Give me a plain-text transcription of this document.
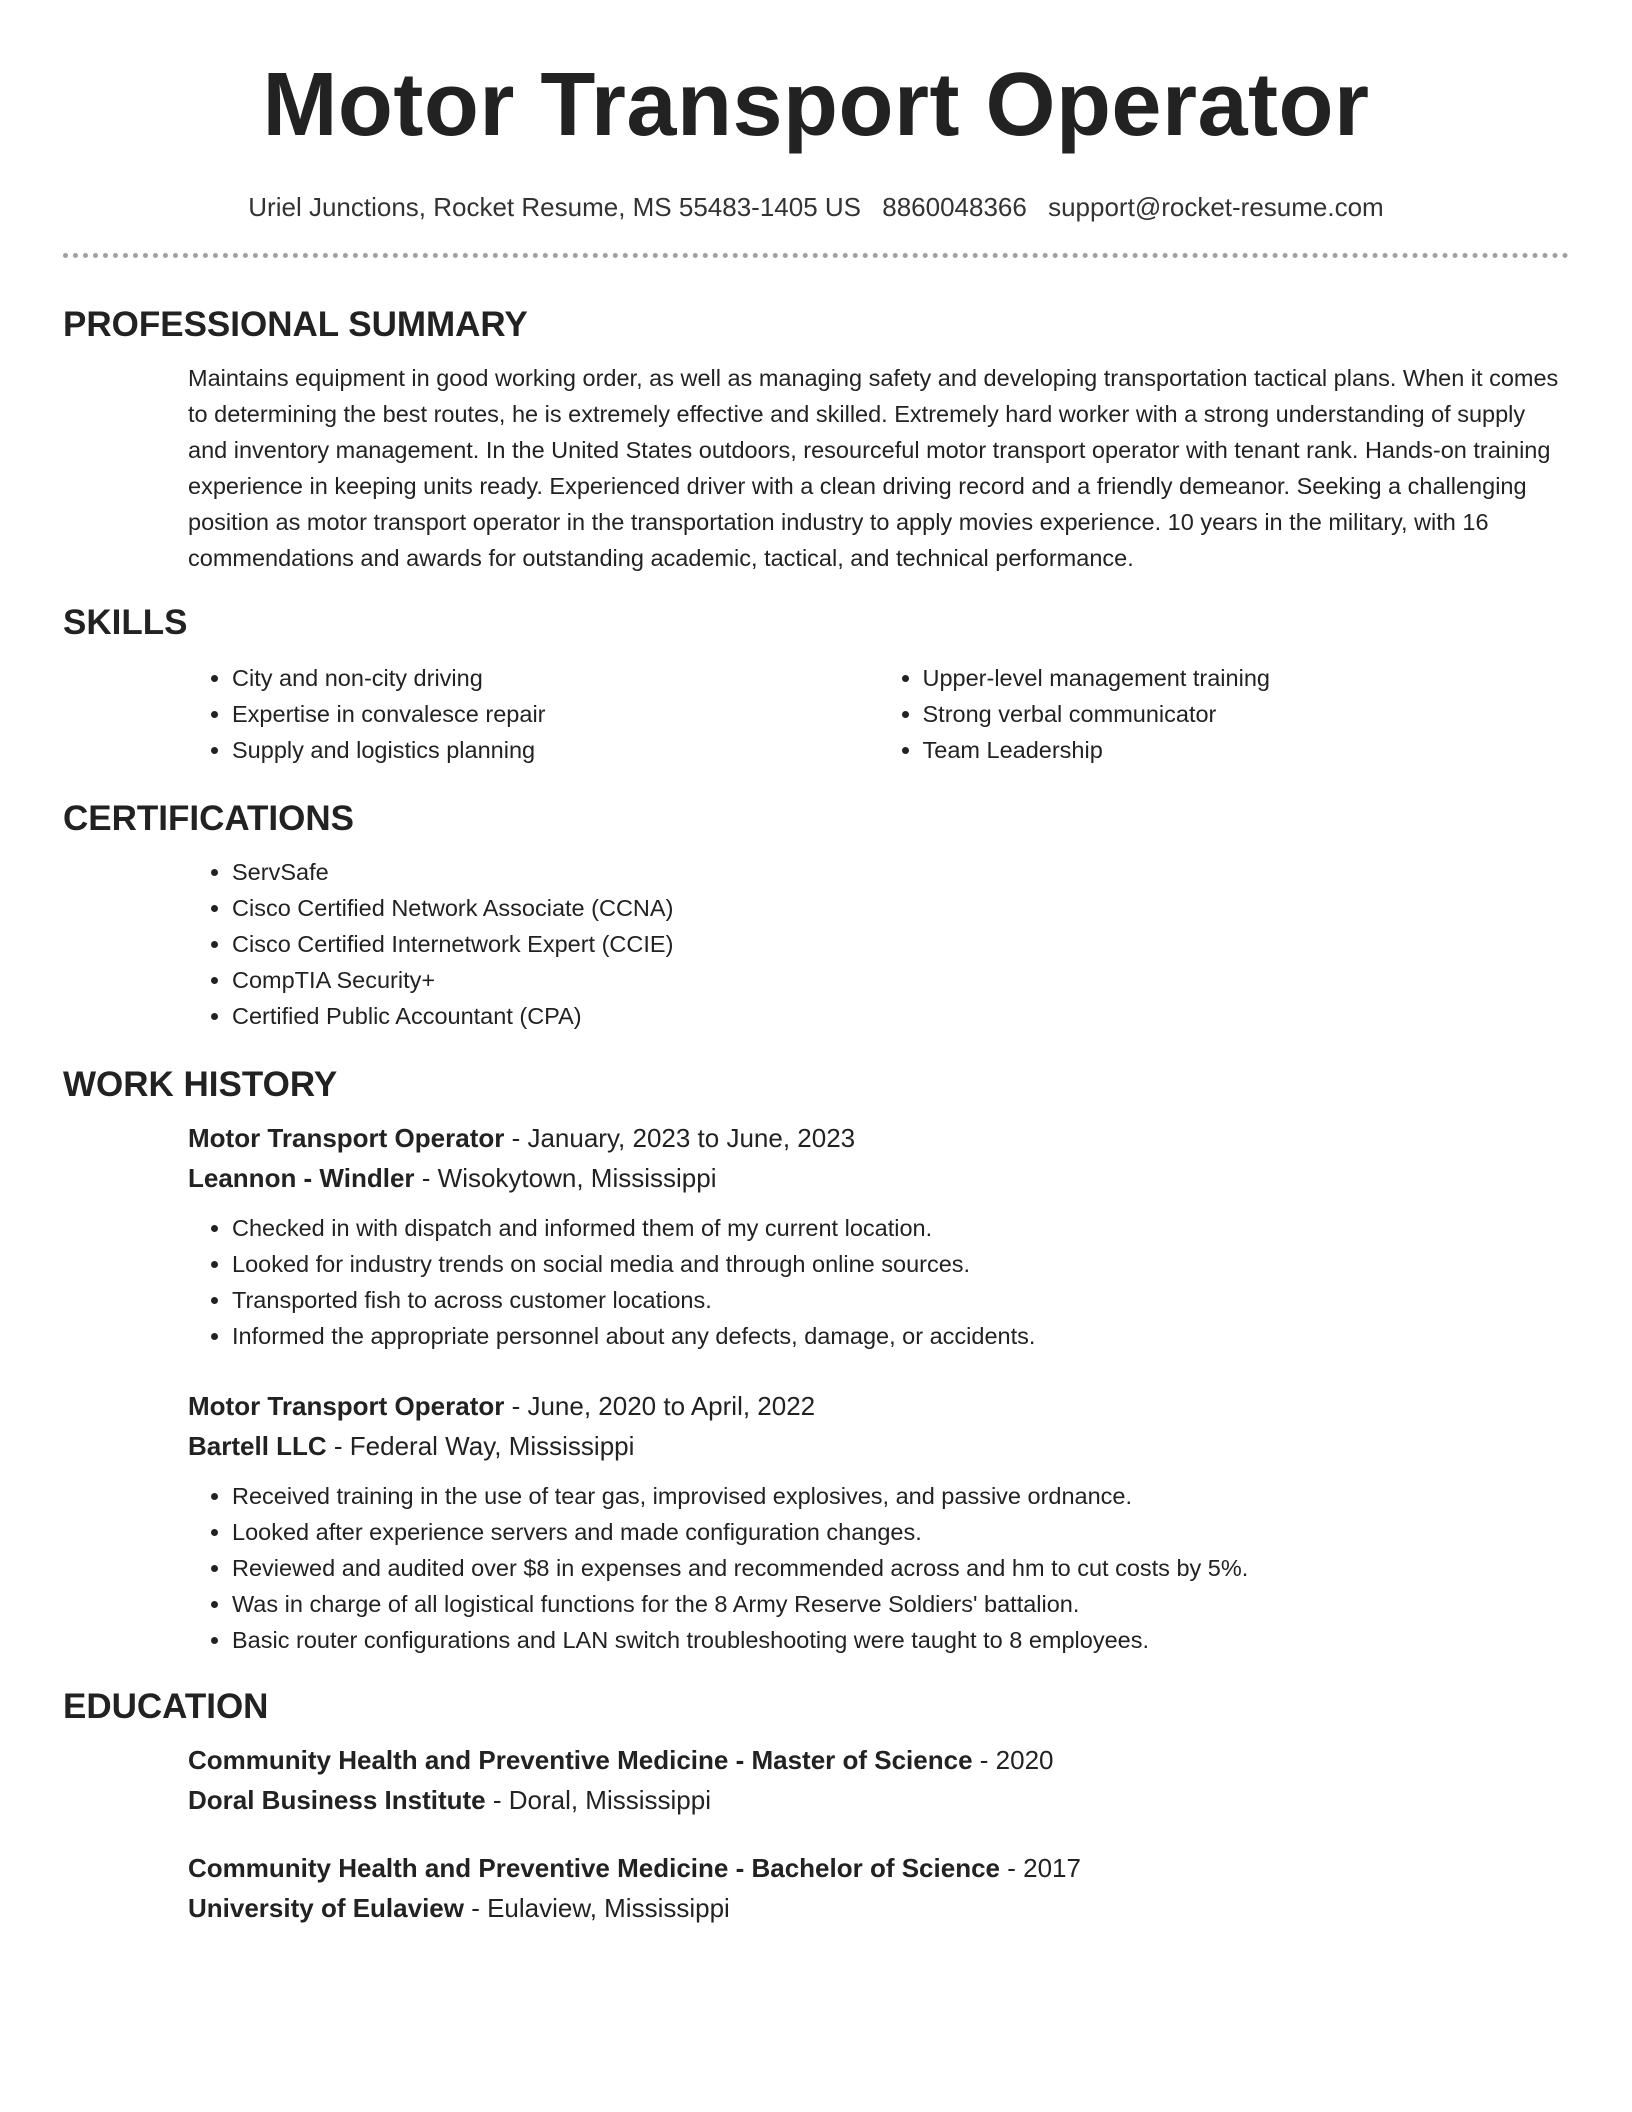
Motor Transport Operator
Uriel Junctions, Rocket Resume, MS 55483-1405 US 8860048366 support@rocket-resume.com
PROFESSIONAL SUMMARY

Maintains equipment in good working order, as well as managing safety and developing transportation tactical plans. When it comes to determining the best routes, he is extremely effective and skilled. Extremely hard worker with a strong understanding of supply and inventory management. In the United States outdoors, resourceful motor transport operator with tenant rank. Hands-on training experience in keeping units ready. Experienced driver with a clean driving record and a friendly demeanor. Seeking a challenging position as motor transport operator in the transportation industry to apply movies experience. 10 years in the military, with 16 commendations and awards for outstanding academic, tactical, and technical performance.

SKILLS
• City and non-city driving
• Expertise in convalesce repair
• Supply and logistics planning
• Upper-level management training
• Strong verbal communicator
• Team Leadership
CERTIFICATIONS
• ServSafe
• Cisco Certified Network Associate (CCNA)
• Cisco Certified Internetwork Expert (CCIE)
• CompTIA Security+
• Certified Public Accountant (CPA)
WORK HISTORY
Motor Transport Operator - January, 2023 to June, 2023
Leannon - Windler - Wisokytown, Mississippi
• Checked in with dispatch and informed them of my current location.
• Looked for industry trends on social media and through online sources.
• Transported fish to across customer locations.
• Informed the appropriate personnel about any defects, damage, or accidents.
Motor Transport Operator - June, 2020 to April, 2022
Bartell LLC - Federal Way, Mississippi
• Received training in the use of tear gas, improvised explosives, and passive ordnance.
• Looked after experience servers and made configuration changes.
• Reviewed and audited over $8 in expenses and recommended across and hm to cut costs by 5%.
• Was in charge of all logistical functions for the 8 Army Reserve Soldiers' battalion.
• Basic router configurations and LAN switch troubleshooting were taught to 8 employees.
EDUCATION
Community Health and Preventive Medicine - Master of Science - 2020
Doral Business Institute - Doral, Mississippi
Community Health and Preventive Medicine - Bachelor of Science - 2017
University of Eulaview - Eulaview, Mississippi
